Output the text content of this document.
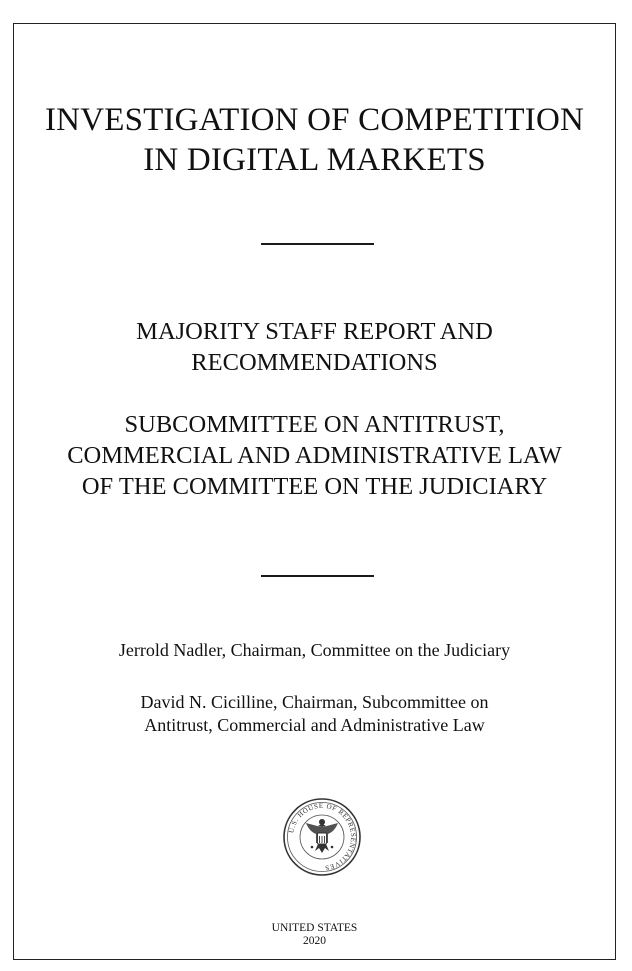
INVESTIGATION OF COMPETITION
IN DIGITAL MARKETS
MAJORITY STAFF REPORT AND
RECOMMENDATIONS
SUBCOMMITTEE ON ANTITRUST,
COMMERCIAL AND ADMINISTRATIVE LAW
OF THE COMMITTEE ON THE JUDICIARY
Jerrold Nadler, Chairman, Committee on the Judiciary
David N. Cicilline, Chairman, Subcommittee on
Antitrust, Commercial and Administrative Law
U.S. HOUSE OF REPRESENTATIVES
UNITED STATES
2020
